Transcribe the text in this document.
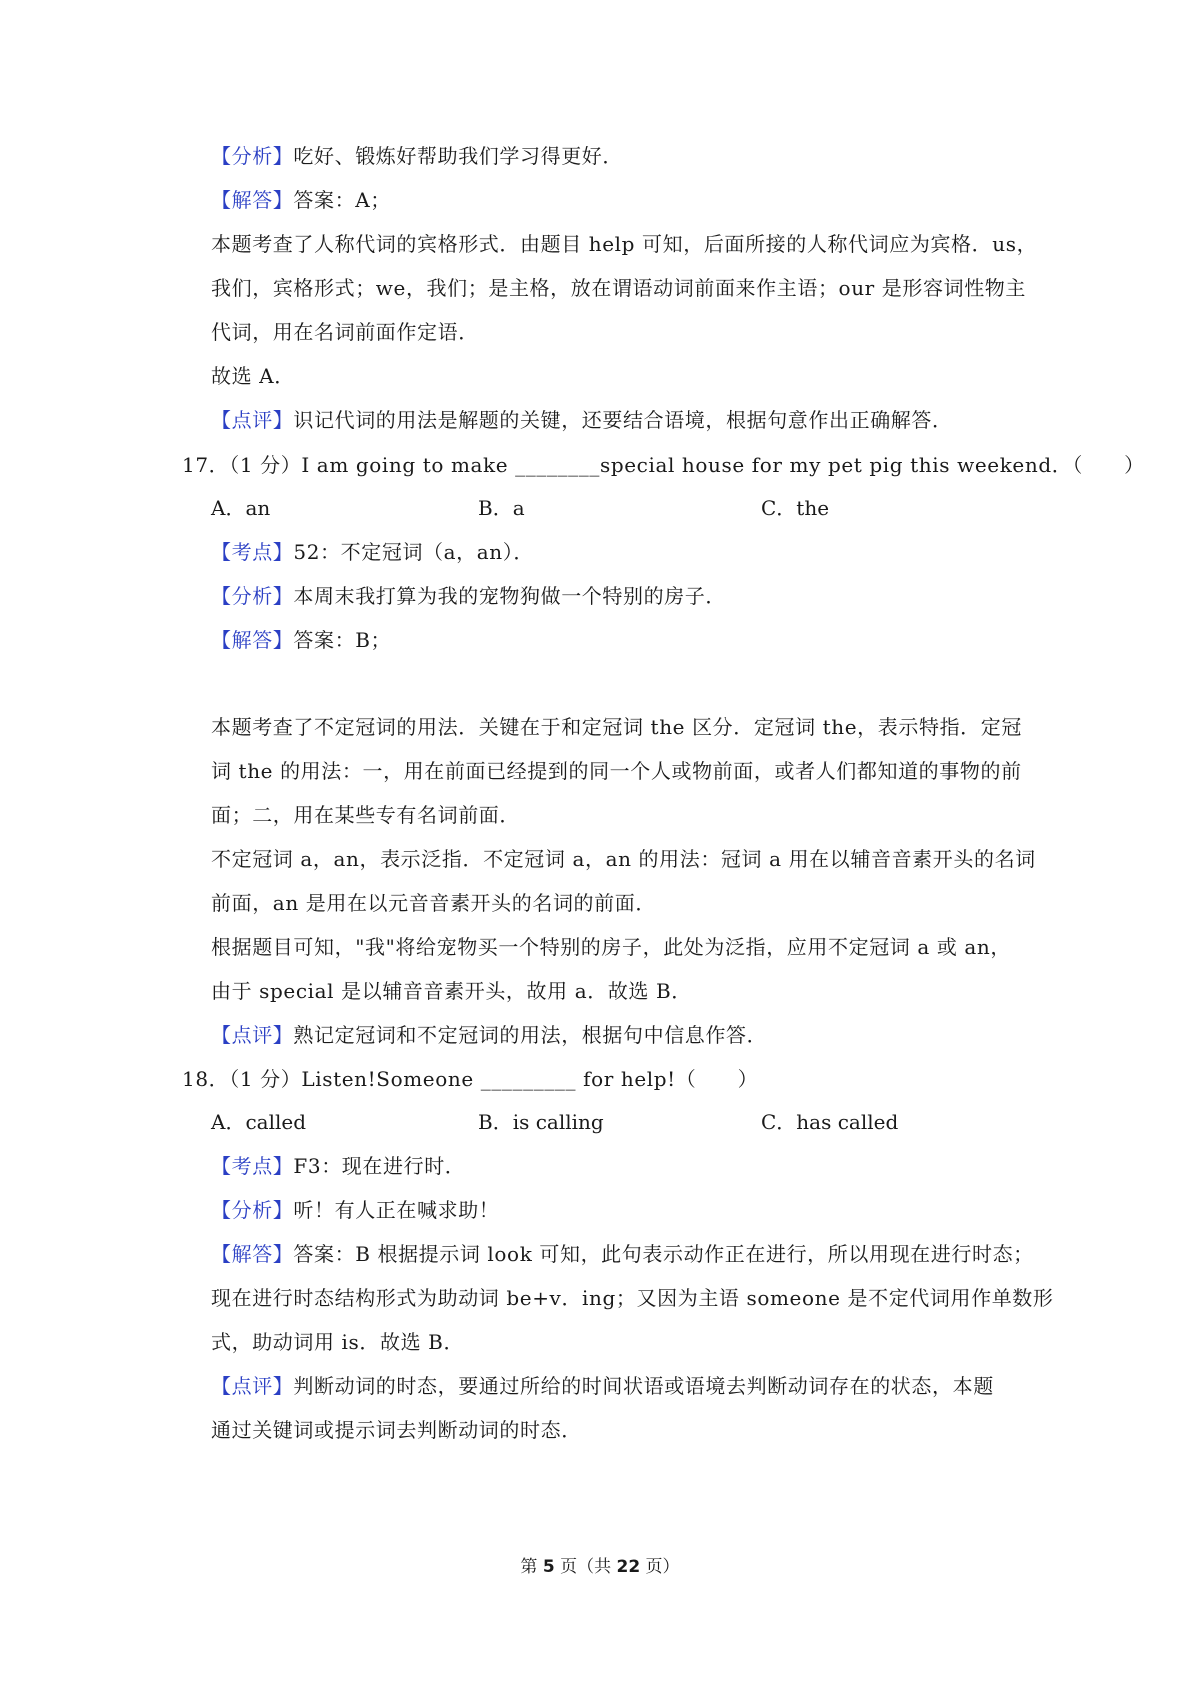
【分析】吃好、锻炼好帮助我们学习得更好．
【解答】答案：A；
本题考查了人称代词的宾格形式．由题目 help 可知，后面所接的人称代词应为宾格．us，
我们，宾格形式；we，我们；是主格，放在谓语动词前面来作主语；our 是形容词性物主
代词，用在名词前面作定语．
故选 A．
【点评】识记代词的用法是解题的关键，还要结合语境，根据句意作出正确解答．
17．（1 分）I am going to make ________special house for my pet pig this weekend．（　　）
A．an	B．a	C．the
【考点】52：不定冠词（a，an）．
【分析】本周末我打算为我的宠物狗做一个特别的房子．
【解答】答案：B；
本题考查了不定冠词的用法．关键在于和定冠词 the 区分．定冠词 the，表示特指．定冠
词 the 的用法：一，用在前面已经提到的同一个人或物前面，或者人们都知道的事物的前
面；二，用在某些专有名词前面．
不定冠词 a，an，表示泛指．不定冠词 a，an 的用法：冠词 a 用在以辅音音素开头的名词
前面，an 是用在以元音音素开头的名词的前面．
根据题目可知，"我"将给宠物买一个特别的房子，此处为泛指，应用不定冠词 a 或 an，
由于 special 是以辅音音素开头，故用 a．故选 B．
【点评】熟记定冠词和不定冠词的用法，根据句中信息作答．
18．（1 分）Listen!Someone _________ for help!（　　）
A．called	B．is calling	C．has called
【考点】F3：现在进行时．
【分析】听！有人正在喊求助！
【解答】答案：B 根据提示词 look 可知，此句表示动作正在进行，所以用现在进行时态；
现在进行时态结构形式为助动词 be+v．ing；又因为主语 someone 是不定代词用作单数形
式，助动词用 is．故选 B．
【点评】判断动词的时态，要通过所给的时间状语或语境去判断动词存在的状态，本题
通过关键词或提示词去判断动词的时态．
第 5 页（共 22 页）
